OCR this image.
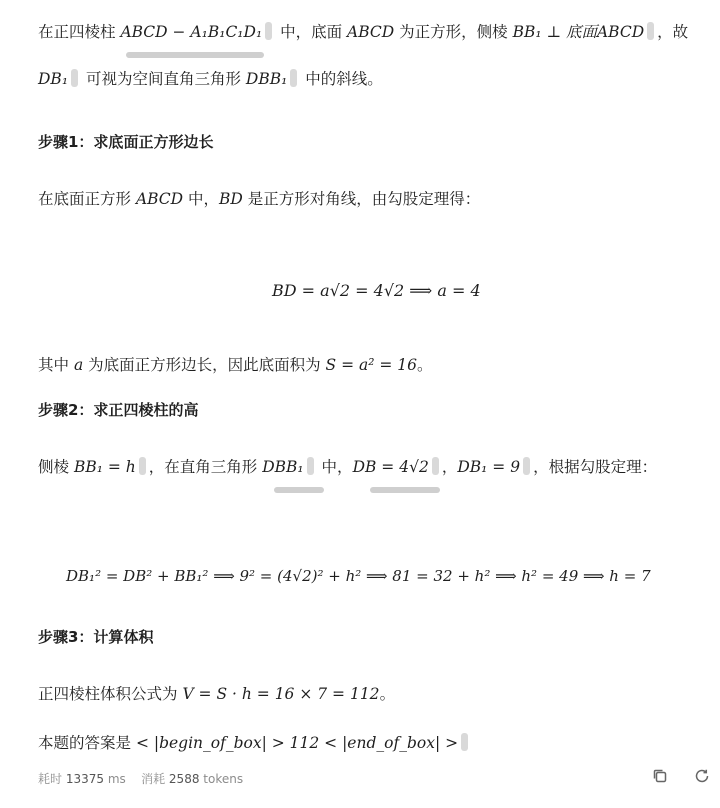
在正四棱柱 ABCD − A₁B₁C₁D₁ 中，底面 ABCD 为正方形，侧棱 BB₁ ⊥ 底面ABCD ，故
DB₁ 可视为空间直角三角形 DBB₁ 中的斜线。
步骤1：求底面正方形边长
在底面正方形 ABCD 中，BD 是正方形对角线，由勾股定理得：
BD = a√2 = 4√2 ⟹ a = 4
其中 a 为底面正方形边长，因此底面积为 S = a² = 16。
步骤2：求正四棱柱的高
侧棱 BB₁ = h ，在直角三角形 DBB₁ 中，DB = 4√2 ，DB₁ = 9 ，根据勾股定理：
DB₁² = DB² + BB₁² ⟹ 9² = (4√2)² + h² ⟹ 81 = 32 + h² ⟹ h² = 49 ⟹ h = 7
步骤3：计算体积
正四棱柱体积公式为 V = S · h = 16 × 7 = 112。
本题的答案是 < |begin_of_box| > 112 < |end_of_box| >
耗时 13375 ms 消耗 2588 tokens
